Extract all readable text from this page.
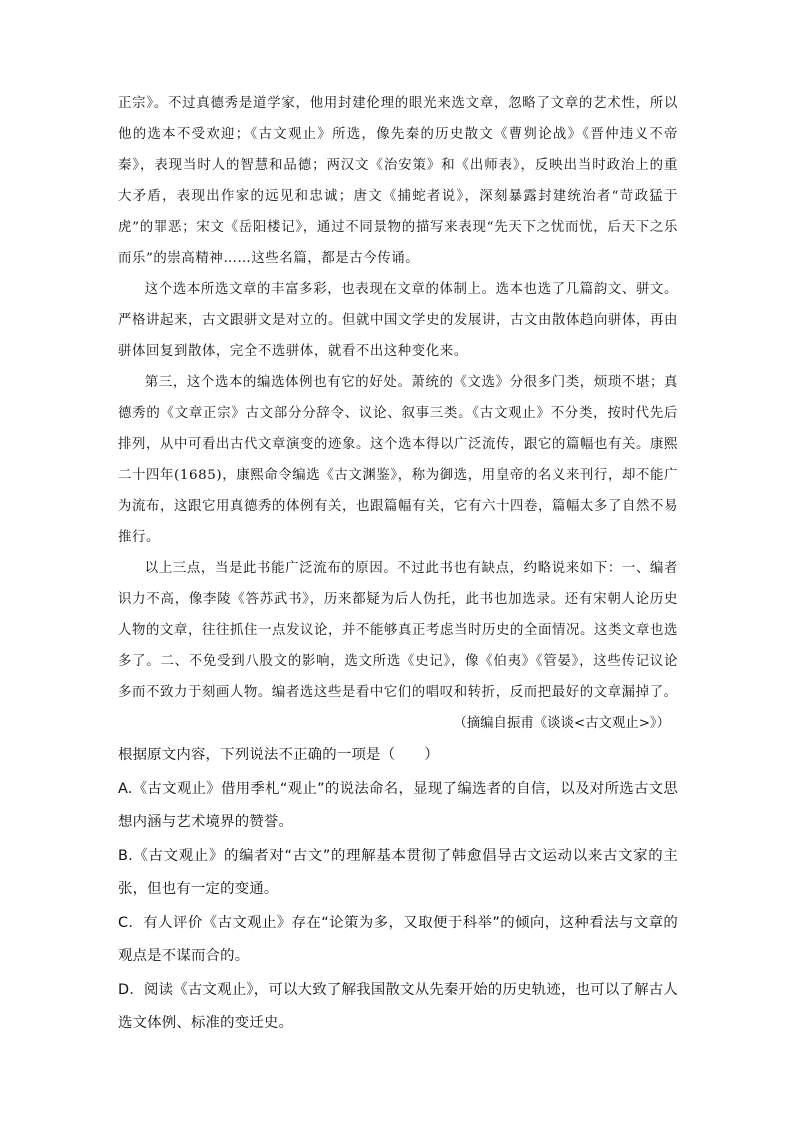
正宗》。不过真德秀是道学家，他用封建伦理的眼光来选文章，忽略了文章的艺术性，所以他的选本不受欢迎；《古文观止》所选，像先秦的历史散文《曹刿论战》《晋仲违义不帝秦》，表现当时人的智慧和品德；两汉文《治安策》和《出师表》，反映出当时政治上的重大矛盾，表现出作家的远见和忠诚；唐文《捕蛇者说》，深刻暴露封建统治者“苛政猛于虎”的罪恶；宋文《岳阳楼记》，通过不同景物的描写来表现“先天下之忧而忧，后天下之乐而乐”的崇高精神……这些名篇，都是古今传诵。

这个选本所选文章的丰富多彩，也表现在文章的体制上。选本也选了几篇韵文、骈文。严格讲起来，古文跟骈文是对立的。但就中国文学史的发展讲，古文由散体趋向骈体，再由骈体回复到散体，完全不选骈体，就看不出这种变化来。

第三，这个选本的编选体例也有它的好处。萧统的《文选》分很多门类，烦琐不堪；真德秀的《文章正宗》古文部分分辞令、议论、叙事三类。《古文观止》不分类，按时代先后排列，从中可看出古代文章演变的迹象。这个选本得以广泛流传，跟它的篇幅也有关。康熙二十四年(1685)，康熙命令编选《古文渊鉴》，称为御选，用皇帝的名义来刊行，却不能广为流布，这跟它用真德秀的体例有关，也跟篇幅有关，它有六十四卷，篇幅太多了自然不易推行。

以上三点，当是此书能广泛流布的原因。不过此书也有缺点，约略说来如下：一、编者识力不高，像李陵《答苏武书》，历来都疑为后人伪托，此书也加选录。还有宋朝人论历史人物的文章，往往抓住一点发议论，并不能够真正考虑当时历史的全面情况。这类文章也选多了。二、不免受到八股文的影响，选文所选《史记》，像《伯夷》《管晏》，这些传记议论多而不致力于刻画人物。编者选这些是看中它们的唱叹和转折，反而把最好的文章漏掉了。

（摘编自振甫《谈谈<古文观止>》）

根据原文内容，下列说法不正确的一项是（　　）

A.《古文观止》借用季札“观止”的说法命名，显现了编选者的自信，以及对所选古文思想内涵与艺术境界的赞誉。

B.《古文观止》的编者对“古文”的理解基本贯彻了韩愈倡导古文运动以来古文家的主张，但也有一定的变通。

C．有人评价《古文观止》存在“论策为多，又取便于科举”的倾向，这种看法与文章的观点是不谋而合的。

D．阅读《古文观止》，可以大致了解我国散文从先秦开始的历史轨迹，也可以了解古人选文体例、标准的变迁史。
